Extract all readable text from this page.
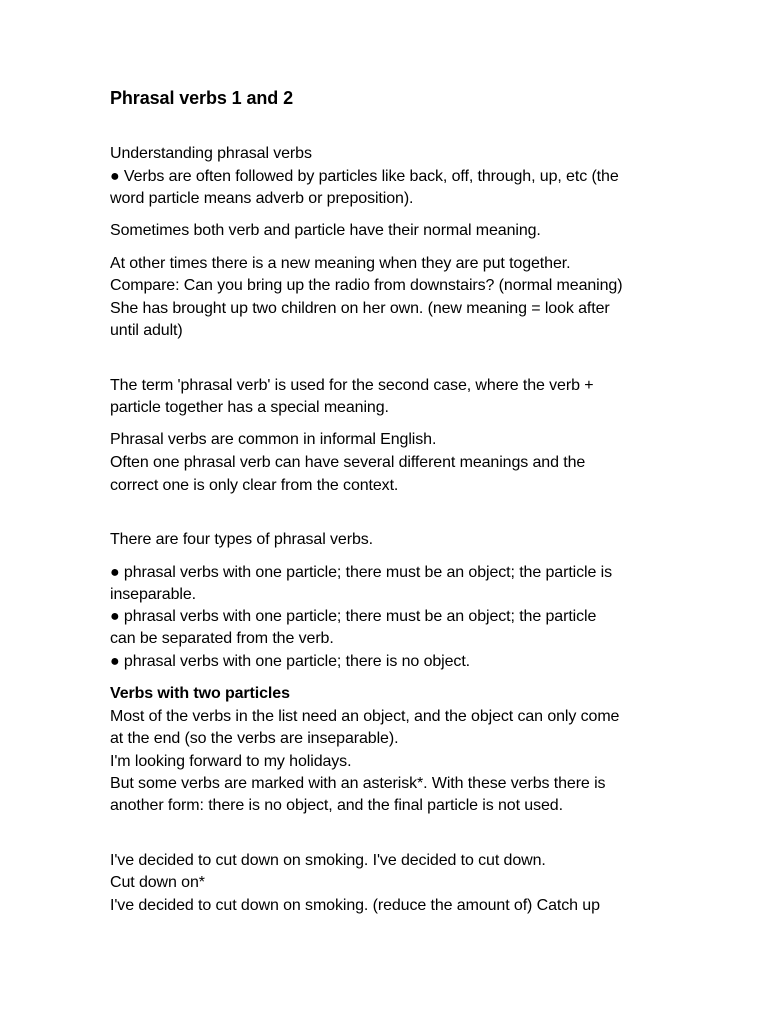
Phrasal verbs 1 and 2

Understanding phrasal verbs

● Verbs are often followed by particles like back, off, through, up, etc (the

word particle means adverb or preposition).

Sometimes both verb and particle have their normal meaning.

At other times there is a new meaning when they are put together.

Compare: Can you bring up the radio from downstairs? (normal meaning)

She has brought up two children on her own. (new meaning = look after

until adult)

The term 'phrasal verb' is used for the second case, where the verb +

particle together has a special meaning.

Phrasal verbs are common in informal English.

Often one phrasal verb can have several different meanings and the

correct one is only clear from the context.

There are four types of phrasal verbs.

● phrasal verbs with one particle; there must be an object; the particle is

inseparable.

● phrasal verbs with one particle; there must be an object; the particle

can be separated from the verb.

● phrasal verbs with one particle; there is no object.

Verbs with two particles

Most of the verbs in the list need an object, and the object can only come

at the end (so the verbs are inseparable).

I'm looking forward to my holidays.

But some verbs are marked with an asterisk*. With these verbs there is

another form: there is no object, and the final particle is not used.

I've decided to cut down on smoking. I've decided to cut down.

Cut down on*

I've decided to cut down on smoking. (reduce the amount of) Catch up
